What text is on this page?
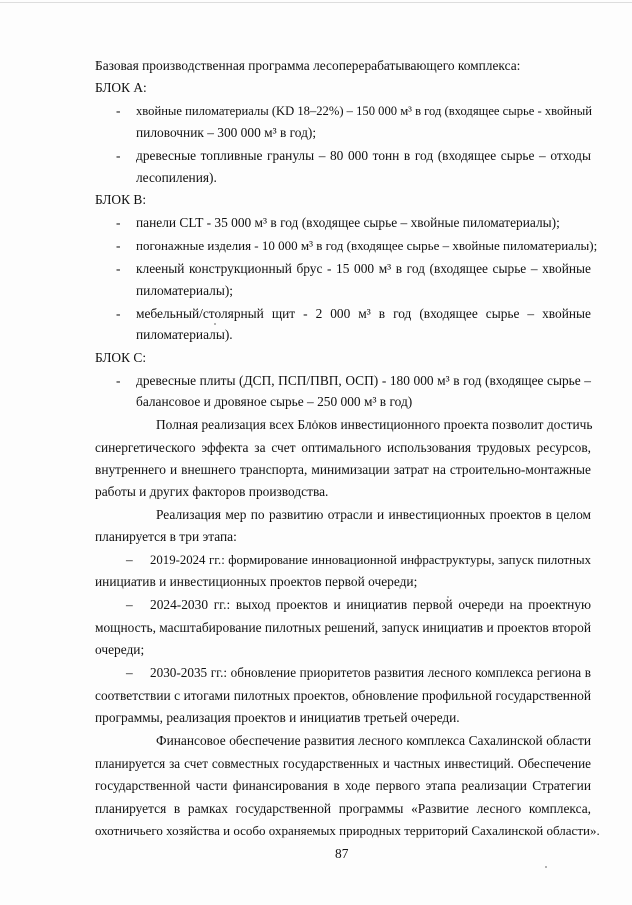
Базовая производственная программа лесоперерабатывающего комплекса:
БЛОК А:
- хвойные пиломатериалы (KD 18–22%) – 150 000 м³ в год (входящее сырье - хвойный
пиловочник – 300 000 м³ в год);
- древесные топливные гранулы – 80 000 тонн в год (входящее сырье – отходы
лесопиления).
БЛОК В:
- панели CLT - 35 000 м³ в год (входящее сырье – хвойные пиломатериалы);
- погонажные изделия - 10 000 м³ в год (входящее сырье – хвойные пиломатериалы);
- клееный конструкционный брус - 15 000 м³ в год (входящее сырье – хвойные
пиломатериалы);
- мебельный/столярный щит - 2 000 м³ в год (входящее сырье – хвойные
пиломатериалы).
БЛОК С:
- древесные плиты (ДСП, ПСП/ПВП, ОСП) - 180 000 м³ в год (входящее сырье –
балансовое и дровяное сырье – 250 000 м³ в год)
Полная реализация всех Блоков инвестиционного проекта позволит достичь
синергетического эффекта за счет оптимального использования трудовых ресурсов,
внутреннего и внешнего транспорта, минимизации затрат на строительно-монтажные
работы и других факторов производства.
Реализация мер по развитию отрасли и инвестиционных проектов в целом
планируется в три этапа:
– 2019-2024 гг.: формирование инновационной инфраструктуры, запуск пилотных
инициатив и инвестиционных проектов первой очереди;
– 2024-2030 гг.: выход проектов и инициатив первой очереди на проектную
мощность, масштабирование пилотных решений, запуск инициатив и проектов второй
очереди;
– 2030-2035 гг.: обновление приоритетов развития лесного комплекса региона в
соответствии с итогами пилотных проектов, обновление профильной государственной
программы, реализация проектов и инициатив третьей очереди.
Финансовое обеспечение развития лесного комплекса Сахалинской области
планируется за счет совместных государственных и частных инвестиций. Обеспечение
государственной части финансирования в ходе первого этапа реализации Стратегии
планируется в рамках государственной программы «Развитие лесного комплекса,
охотничьего хозяйства и особо охраняемых природных территорий Сахалинской области».
87
